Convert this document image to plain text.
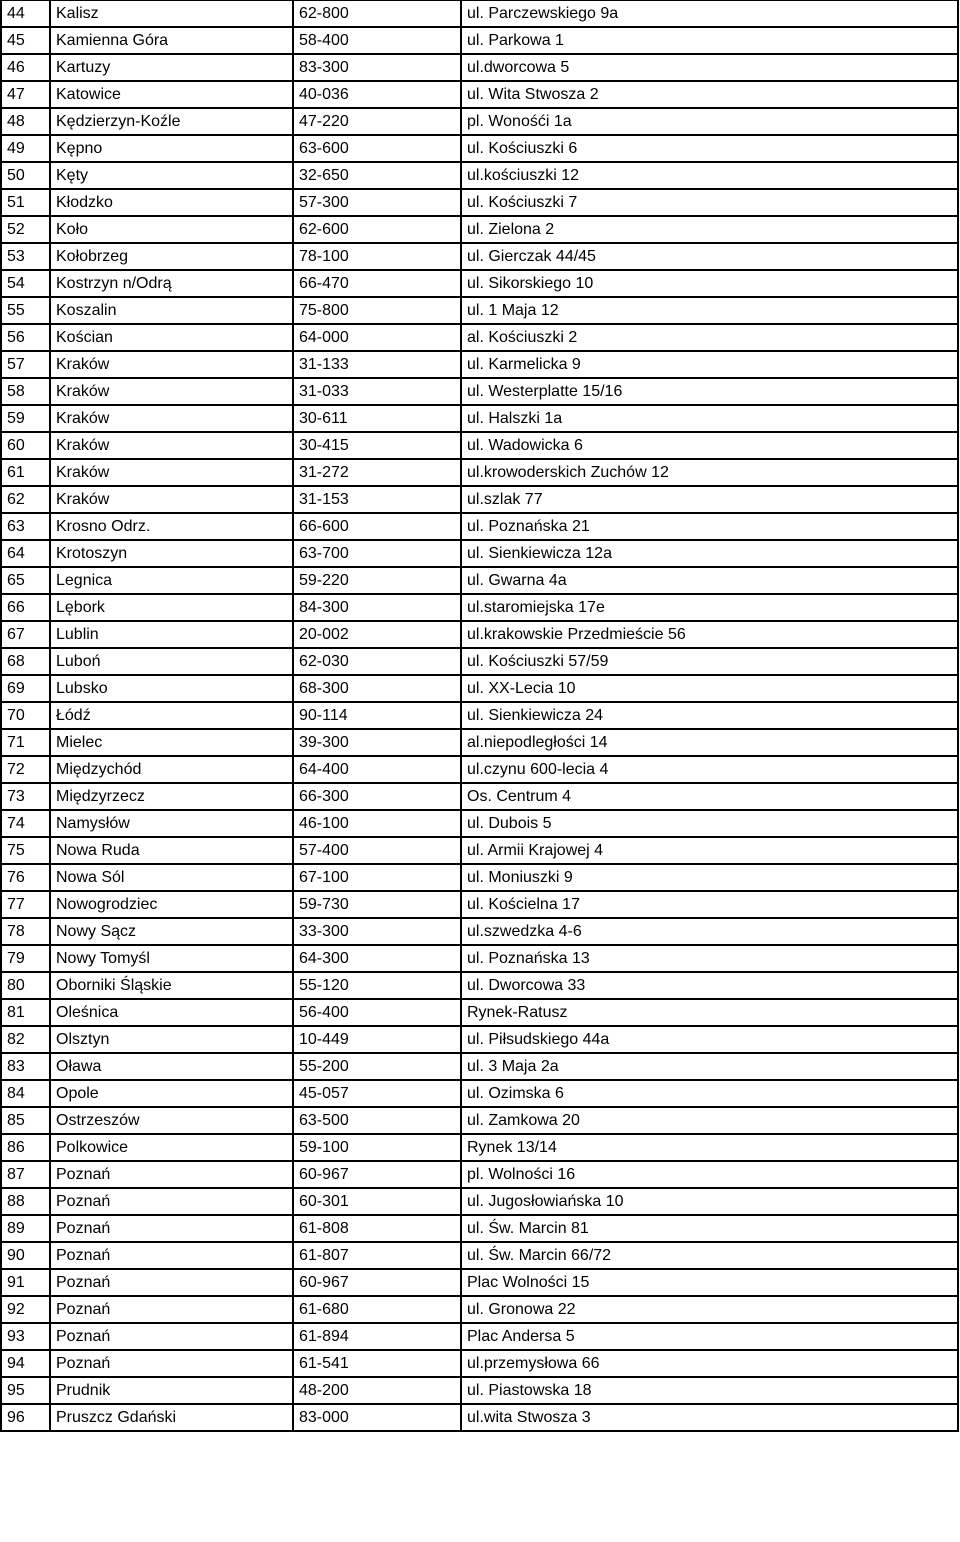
44	Kalisz	62-800	ul. Parczewskiego 9a
45	Kamienna Góra	58-400	ul. Parkowa 1
46	Kartuzy	83-300	ul.dworcowa 5
47	Katowice	40-036	ul. Wita Stwosza 2
48	Kędzierzyn-Koźle	47-220	pl. Wonośći 1a
49	Kępno	63-600	ul. Kościuszki 6
50	Kęty	32-650	ul.kościuszki 12
51	Kłodzko	57-300	ul. Kościuszki 7
52	Koło	62-600	ul. Zielona 2
53	Kołobrzeg	78-100	ul. Gierczak 44/45
54	Kostrzyn n/Odrą	66-470	ul. Sikorskiego 10
55	Koszalin	75-800	ul. 1 Maja 12
56	Kościan	64-000	al. Kościuszki 2
57	Kraków	31-133	ul. Karmelicka 9
58	Kraków	31-033	ul. Westerplatte 15/16
59	Kraków	30-611	ul. Halszki 1a
60	Kraków	30-415	ul. Wadowicka 6
61	Kraków	31-272	ul.krowoderskich Zuchów 12
62	Kraków	31-153	ul.szlak 77
63	Krosno Odrz.	66-600	ul. Poznańska 21
64	Krotoszyn	63-700	ul. Sienkiewicza 12a
65	Legnica	59-220	ul. Gwarna 4a
66	Lębork	84-300	ul.staromiejska 17e
67	Lublin	20-002	ul.krakowskie Przedmieście 56
68	Luboń	62-030	ul. Kościuszki 57/59
69	Lubsko	68-300	ul. XX-Lecia 10
70	Łódź	90-114	ul. Sienkiewicza 24
71	Mielec	39-300	al.niepodległości 14
72	Międzychód	64-400	ul.czynu 600-lecia 4
73	Międzyrzecz	66-300	Os. Centrum 4
74	Namysłów	46-100	ul. Dubois 5
75	Nowa Ruda	57-400	ul. Armii Krajowej 4
76	Nowa Sól	67-100	ul. Moniuszki 9
77	Nowogrodziec	59-730	ul. Kościelna 17
78	Nowy Sącz	33-300	ul.szwedzka 4-6
79	Nowy Tomyśl	64-300	ul. Poznańska 13
80	Oborniki Śląskie	55-120	ul. Dworcowa 33
81	Oleśnica	56-400	Rynek-Ratusz
82	Olsztyn	10-449	ul. Piłsudskiego 44a
83	Oława	55-200	ul. 3 Maja 2a
84	Opole	45-057	ul. Ozimska 6
85	Ostrzeszów	63-500	ul. Zamkowa 20
86	Polkowice	59-100	Rynek 13/14
87	Poznań	60-967	pl. Wolności 16
88	Poznań	60-301	ul. Jugosłowiańska 10
89	Poznań	61-808	ul. Św. Marcin 81
90	Poznań	61-807	ul. Św. Marcin 66/72
91	Poznań	60-967	Plac Wolności 15
92	Poznań	61-680	ul. Gronowa 22
93	Poznań	61-894	Plac Andersa 5
94	Poznań	61-541	ul.przemysłowa 66
95	Prudnik	48-200	ul. Piastowska 18
96	Pruszcz Gdański	83-000	ul.wita Stwosza 3
